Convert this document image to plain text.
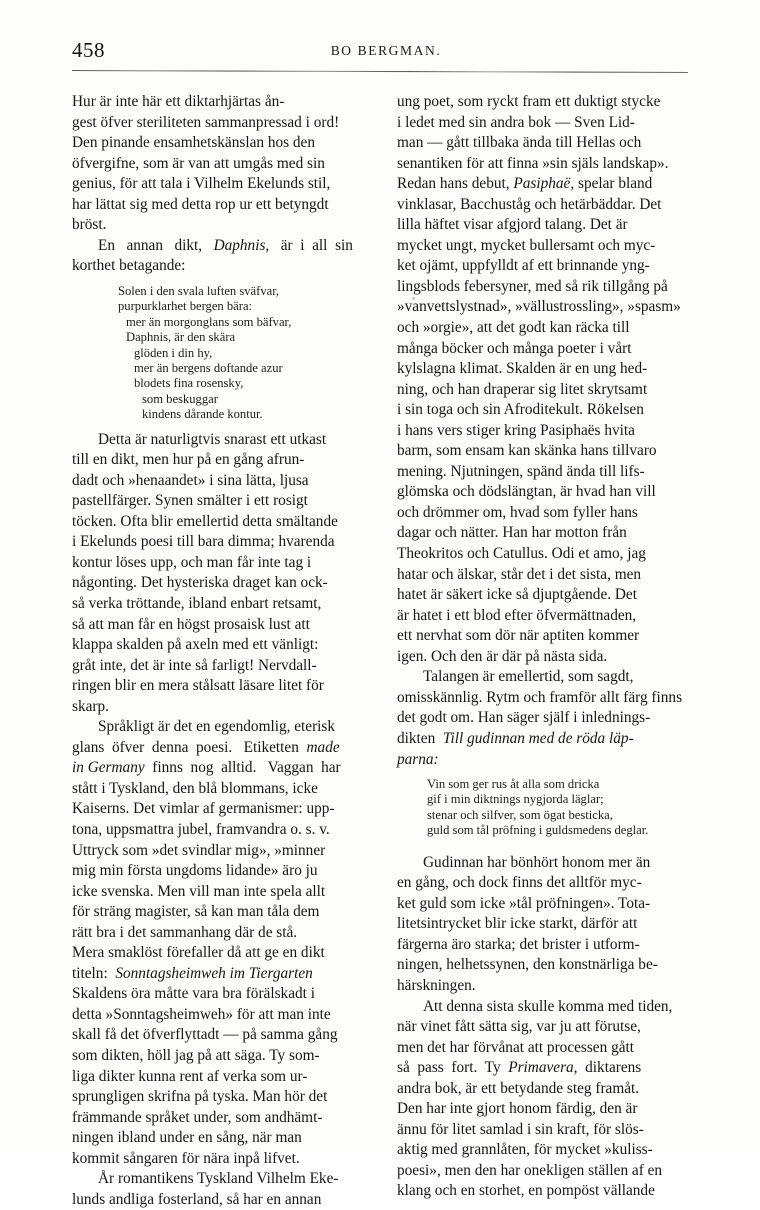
458	BO BERGMAN.

Hur är inte här ett diktarhjärtas ån-
gest öfver steriliteten sammanpressad i ord!
Den pinande ensamhetskänslan hos den
öfvergifne, som är van att umgås med sin
genius, för att tala i Vilhelm Ekelunds stil,
har lättat sig med detta rop ur ett betyngdt
bröst.

En   annan   dikt,   Daphnis,   är  i  all  sin
korthet betagande:

Solen i den svala luften sväfvar,
purpurklarhet bergen bära:
mer än morgonglans som bäfvar,
Daphnis, är den skära
glöden i din hy,
mer än bergens doftande azur
blodets fina rosensky,
som beskuggar
kindens dårande kontur.

Detta är naturligtvis snarast ett utkast
till en dikt, men hur på en gång afrun-
dadt och »henaandet» i sina lätta, ljusa
pastellfärger. Synen smälter i ett rosigt
töcken. Ofta blir emellertid detta smältande
i Ekelunds poesi till bara dimma; hvarenda
kontur löses upp, och man får inte tag i
någonting. Det hysteriska draget kan ock-
så verka tröttande, ibland enbart retsamt,
så att man får en högst prosaisk lust att
klappa skalden på axeln med ett vänligt:
gråt inte, det är inte så farligt! Nervdall-
ringen blir en mera stålsatt läsare litet för
skarp.

Språkligt är det en egendomlig, eterisk
glans  öfver  denna  poesi.   Etiketten  made
in Germany  finns  nog  alltid.   Vaggan  har
stått i Tyskland, den blå blommans, icke
Kaiserns. Det vimlar af germanismer: upp-
tona, uppsmattra jubel, framvandra o. s. v.
Uttryck som »det svindlar mig», »minner
mig min första ungdoms lidande» äro ju
icke svenska. Men vill man inte spela allt
för sträng magister, så kan man tåla dem
rätt bra i det sammanhang där de stå.
Mera smaklöst förefaller då att ge en dikt
titeln:  Sonntagsheimweh im Tiergarten
Skaldens öra måtte vara bra förälskadt i
detta »Sonntagsheimweh» för att man inte
skall få det öfverflyttadt — på samma gång
som dikten, höll jag på att säga. Ty som-
liga dikter kunna rent af verka som ur-
sprungligen skrifna på tyska. Man hör det
främmande språket under, som andhämt-
ningen ibland under en sång, när man
kommit sångaren för nära inpå lifvet.

År romantikens Tyskland Vilhelm Eke-
lunds andliga fosterland, så har en annan

ung poet, som ryckt fram ett duktigt stycke
i ledet med sin andra bok — Sven Lid-
man — gått tillbaka ända till Hellas och
senantiken för att finna »sin själs landskap».
Redan hans debut, Pasiphaë, spelar bland
vinklasar, Bacchuståg och hetärbäddar. Det
lilla häftet visar afgjord talang. Det är
mycket ungt, mycket bullersamt och myc-
ket ojämt, uppfylldt af ett brinnande yng-
lingsblods febersyner, med så rik tillgång på
»vanvettslystnad», »vällustrossling», »spasm»
och »orgie», att det godt kan räcka till
många böcker och många poeter i vårt
kylslagna klimat. Skalden är en ung hed-
ning, och han draperar sig litet skrytsamt
i sin toga och sin Afroditekult. Rökelsen
i hans vers stiger kring Pasiphaës hvita
barm, som ensam kan skänka hans tillvaro
mening. Njutningen, spänd ända till lifs-
glömska och dödslängtan, är hvad han vill
och drömmer om, hvad som fyller hans
dagar och nätter. Han har motton från
Theokritos och Catullus. Odi et amo, jag
hatar och älskar, står det i det sista, men
hatet är säkert icke så djuptgående. Det
är hatet i ett blod efter öfvermättnaden,
ett nervhat som dör när aptiten kommer
igen. Och den är där på nästa sida.

Talangen är emellertid, som sagdt,
omisskännlig. Rytm och framför allt färg finns
det godt om. Han säger själf i inlednings-
dikten  Till gudinnan med de röda läp-
parna:

Vin som ger rus åt alla som dricka
gif i min diktnings nygjorda läglar;
stenar och silfver, som ögat besticka,
guld som tål pröfning i guldsmedens deglar.

Gudinnan har bönhört honom mer än
en gång, och dock finns det alltför myc-
ket guld som icke »tål pröfningen». Tota-
litetsintrycket blir icke starkt, därför att
färgerna äro starka; det brister i utform-
ningen, helhetssynen, den konstnärliga be-
härskningen.

Att denna sista skulle komma med tiden,
när vinet fått sätta sig, var ju att förutse,
men det har förvånat att processen gått
så  pass  fort.  Ty  Primavera,  diktarens
andra bok, är ett betydande steg framåt.
Den har inte gjort honom färdig, den är
ännu för litet samlad i sin kraft, för slös-
aktig med grannlåten, för mycket »kuliss-
poesi», men den har onekligen ställen af en
klang och en storhet, en pompöst vällande
